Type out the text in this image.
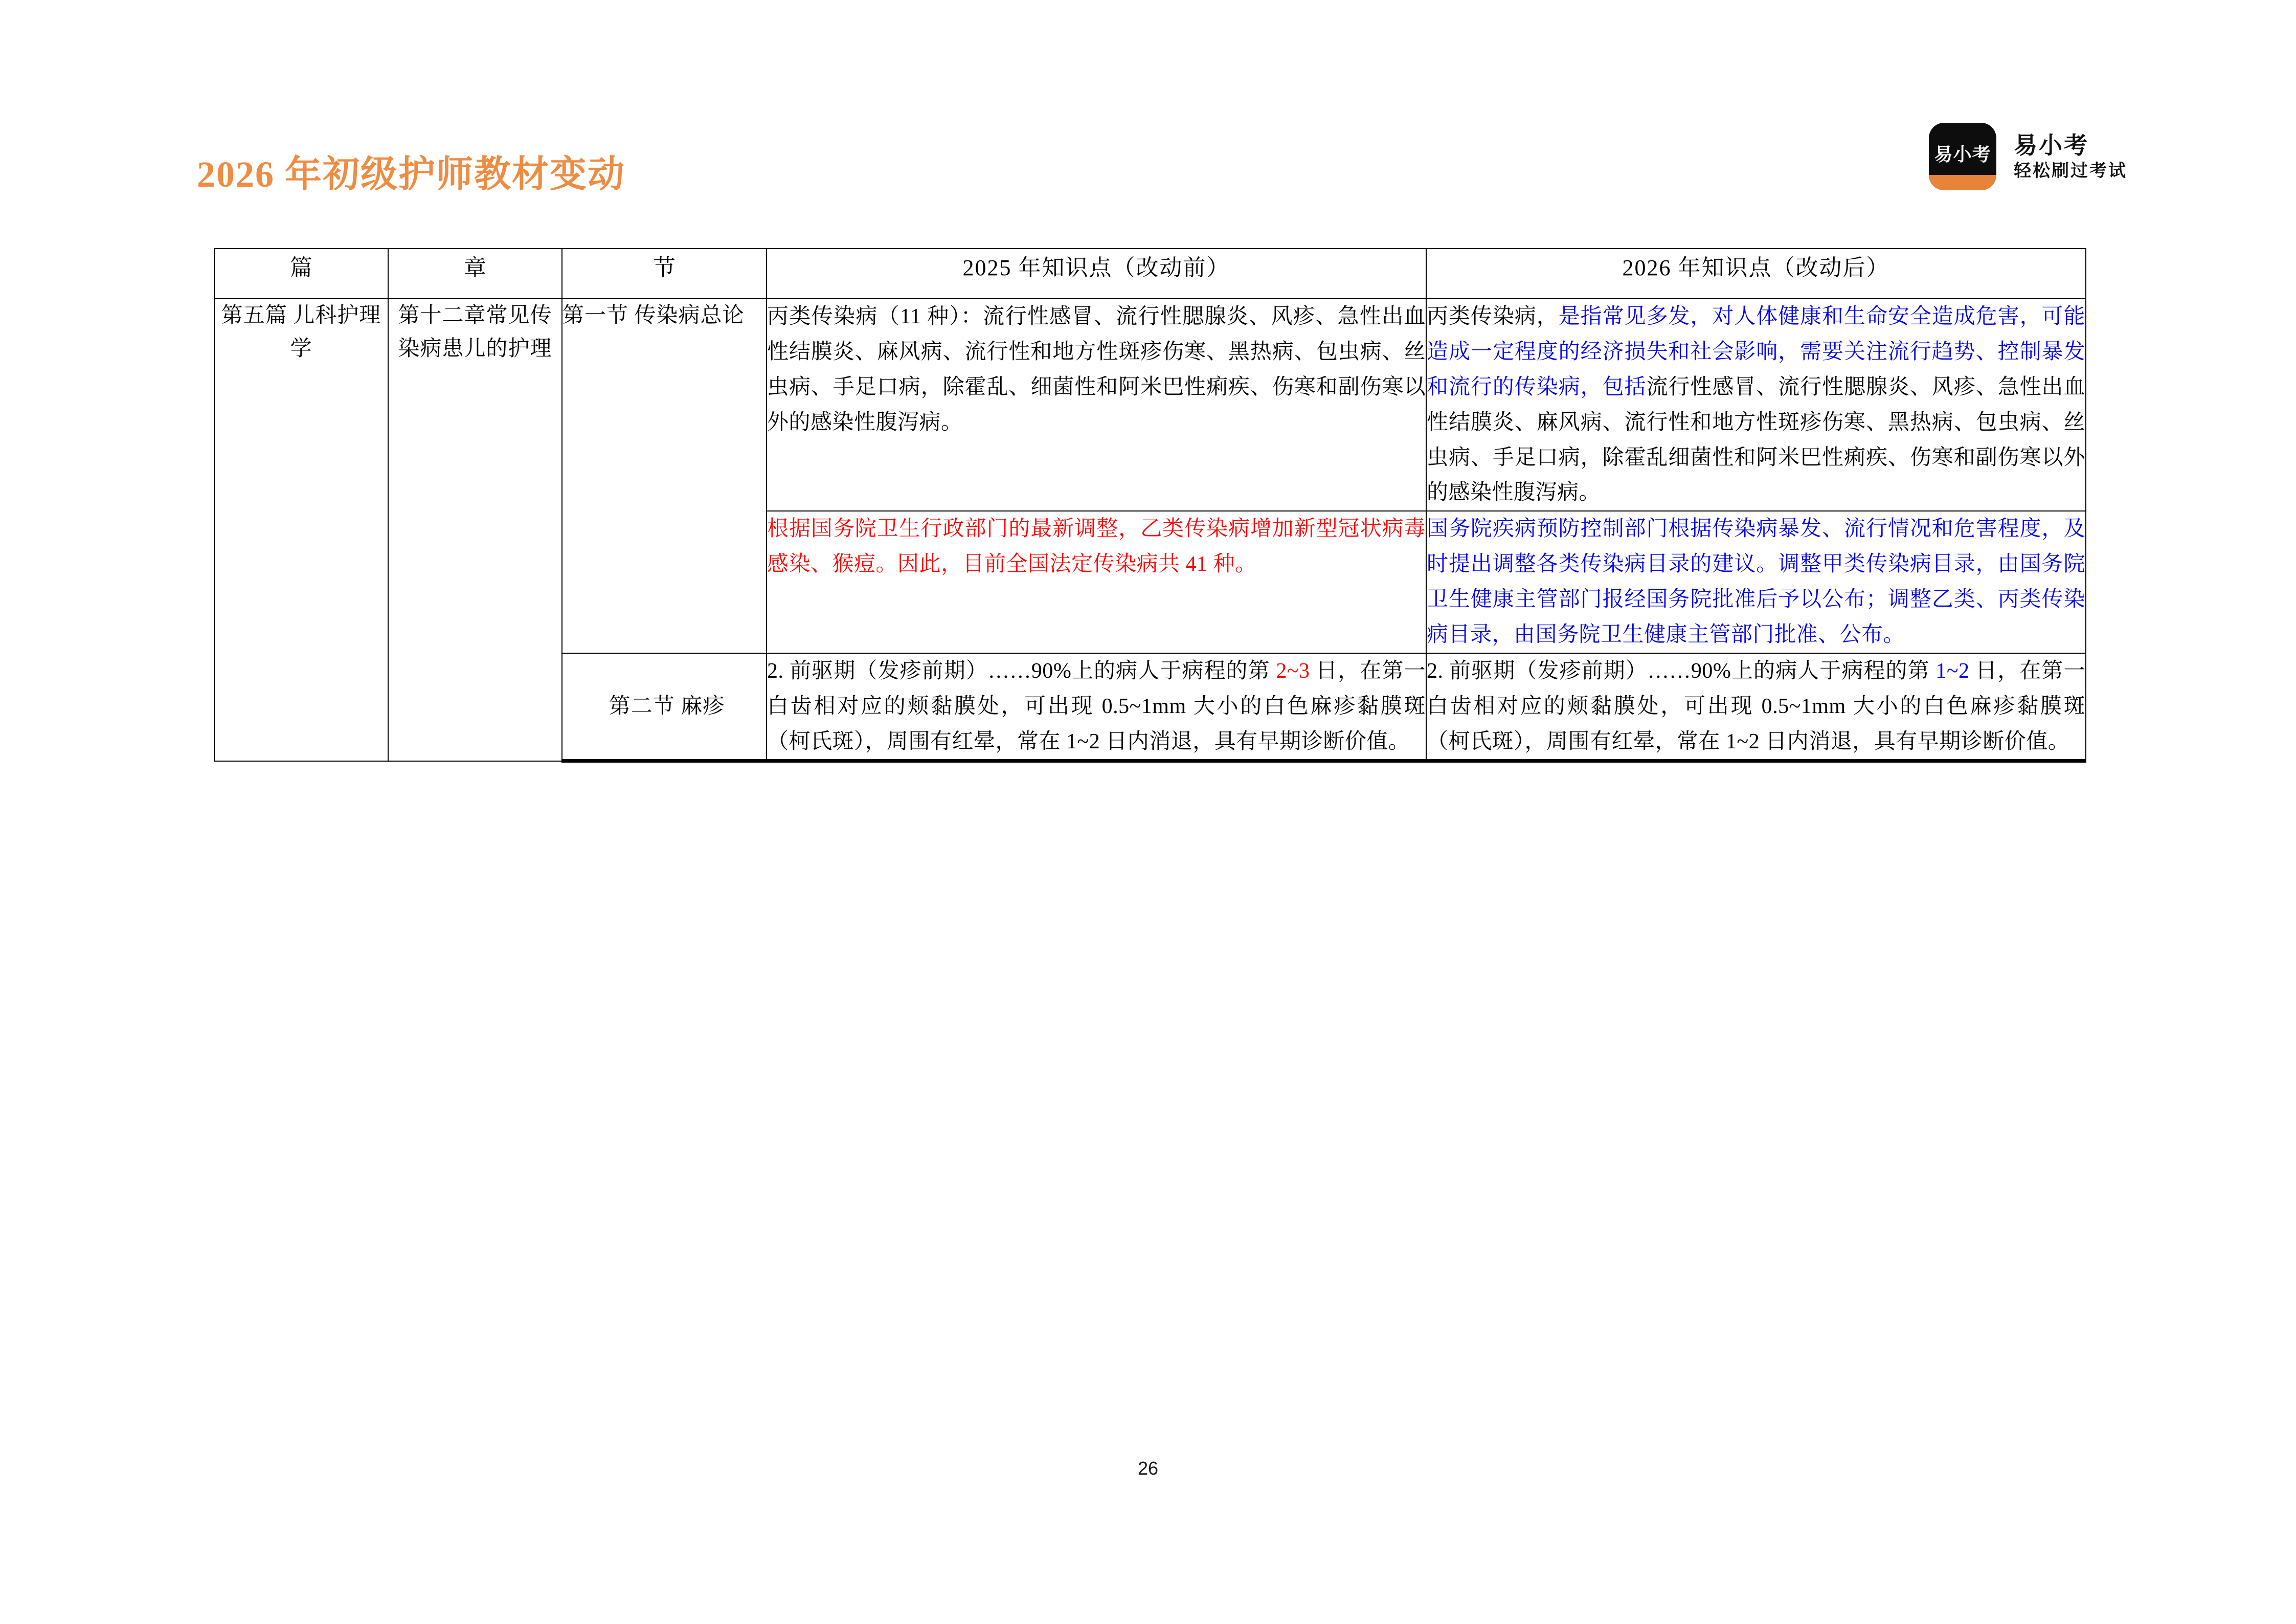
2026 年初级护师教材变动	易小考 易小考
轻松刷过考试
篇	章	节	2025 年知识点（改动前）	2026 年知识点（改动后）
第五篇 儿科护理学	第十二章常见传染病患儿的护理	第一节 传染病总论	丙类传染病（11 种）：流行性感冒、流行性腮腺炎、风疹、急性出血性结膜炎、麻风病、流行性和地方性斑疹伤寒、黑热病、包虫病、丝虫病、手足口病，除霍乱、细菌性和阿米巴性痢疾、伤寒和副伤寒以外的感染性腹泻病。	丙类传染病，是指常见多发，对人体健康和生命安全造成危害，可能造成一定程度的经济损失和社会影响，需要关注流行趋势、控制暴发和流行的传染病，包括流行性感冒、流行性腮腺炎、风疹、急性出血性结膜炎、麻风病、流行性和地方性斑疹伤寒、黑热病、包虫病、丝虫病、手足口病，除霍乱细菌性和阿米巴性痢疾、伤寒和副伤寒以外的感染性腹泻病。

			根据国务院卫生行政部门的最新调整，乙类传染病增加新型冠状病毒感染、猴痘。因此，目前全国法定传染病共 41 种。	国务院疾病预防控制部门根据传染病暴发、流行情况和危害程度，及时提出调整各类传染病目录的建议。调整甲类传染病目录，由国务院卫生健康主管部门报经国务院批准后予以公布；调整乙类、丙类传染病目录，由国务院卫生健康主管部门批准、公布。

		第二节 麻疹	2. 前驱期（发疹前期）……90%上的病人于病程的第 2~3 日，在第一白齿相对应的颊黏膜处，可出现 0.5~1mm 大小的白色麻疹黏膜斑（柯氏斑），周围有红晕，常在 1~2 日内消退，具有早期诊断价值。	2. 前驱期（发疹前期）……90%上的病人于病程的第 1~2 日，在第一白齿相对应的颊黏膜处，可出现 0.5~1mm 大小的白色麻疹黏膜斑（柯氏斑），周围有红晕，常在 1~2 日内消退，具有早期诊断价值。

26
